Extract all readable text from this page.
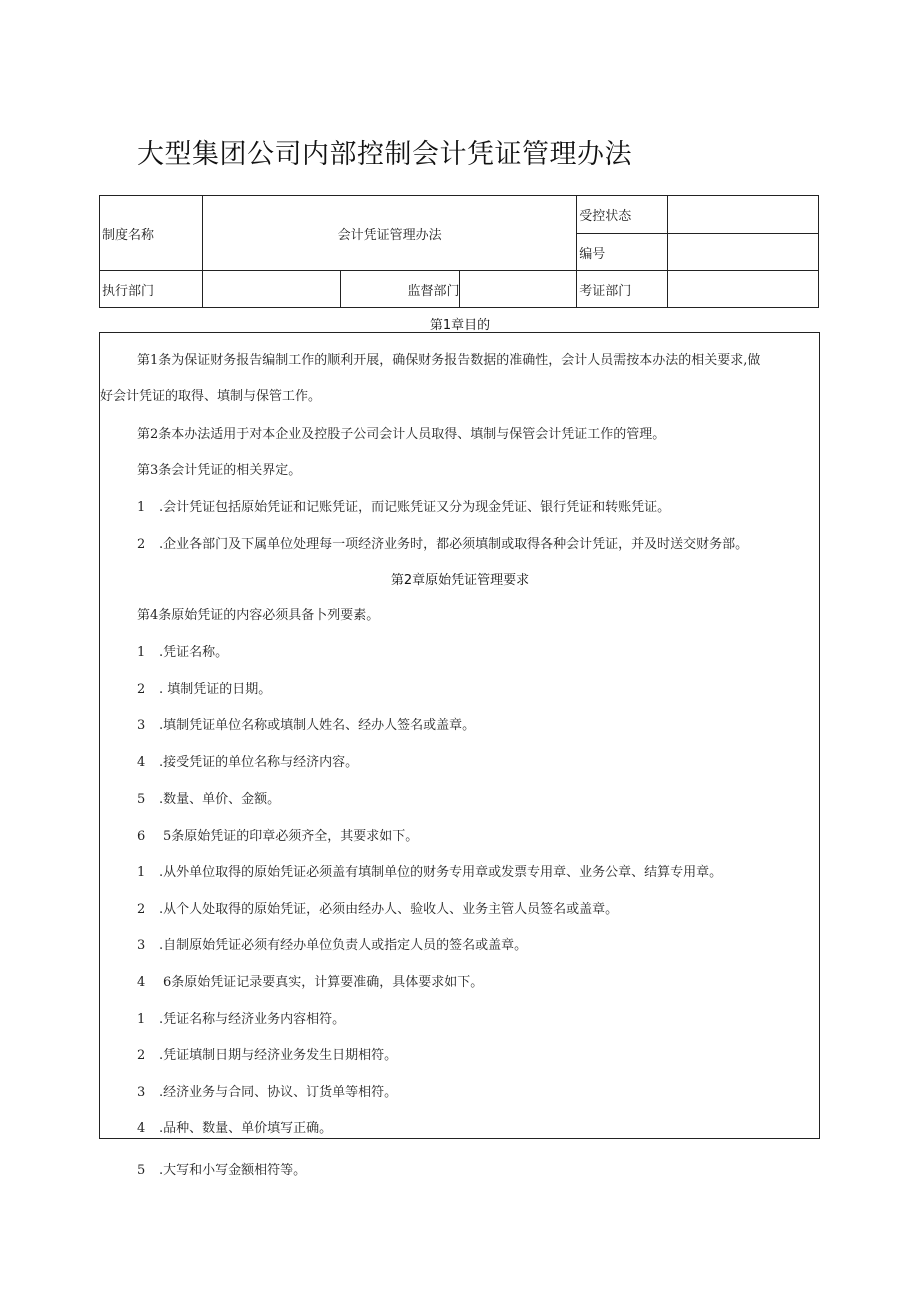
大型集团公司内部控制会计凭证管理办法
制度名称	会计凭证管理办法			受控状态	
				编号	
执行部门		监督部门		考证部门	
第1章目的
第1条为保证财务报告编制工作的顺利开展，确保财务报告数据的准确性，会计人员需按本办法的相关要求,做
好会计凭证的取得、填制与保管工作。
第2条本办法适用于对本企业及控股子公司会计人员取得、填制与保管会计凭证工作的管理。
第3条会计凭证的相关界定。
1 .会计凭证包括原始凭证和记账凭证，而记账凭证又分为现金凭证、银行凭证和转账凭证。
2 .企业各部门及下属单位处理每一项经济业务时，都必须填制或取得各种会计凭证，并及时送交财务部。
第2章原始凭证管理要求
第4条原始凭证的内容必须具备卜列要素。
1 .凭证名称。
2 . 填制凭证的日期。
3 .填制凭证单位名称或填制人姓名、经办人签名或盖章。
4 .接受凭证的单位名称与经济内容。
5 .数量、单价、金额。
6 5条原始凭证的印章必须齐全，其要求如下。
1 .从外单位取得的原始凭证必须盖有填制单位的财务专用章或发票专用章、业务公章、结算专用章。
2 .从个人处取得的原始凭证，必须由经办人、验收人、业务主管人员签名或盖章。
3 .自制原始凭证必须有经办单位负责人或指定人员的签名或盖章。
4 6条原始凭证记录要真实，计算要准确，具体要求如下。
1 .凭证名称与经济业务内容相符。
2 .凭证填制日期与经济业务发生日期相符。
3 .经济业务与合同、协议、订货单等相符。
4 .品种、数量、单价填写正确。
5 .大写和小写金额相符等。
